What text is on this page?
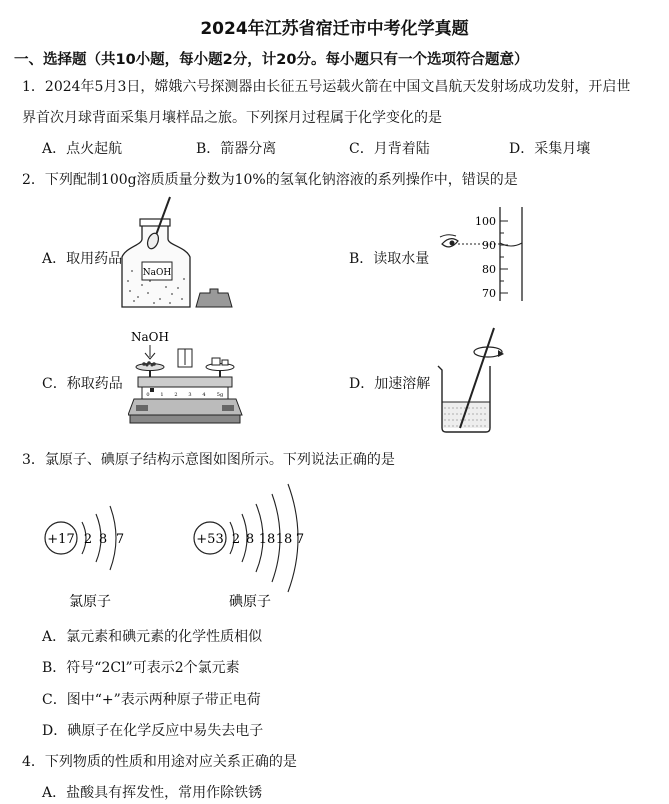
2024年江苏省宿迁市中考化学真题
一、选择题（共10小题，每小题2分，计20分。每小题只有一个选项符合题意）
1．2024年5月3日，嫦娥六号探测器由长征五号运载火箭在中国文昌航天发射场成功发射，开启世
界首次月球背面采集月壤样品之旅。下列探月过程属于化学变化的是
A．点火起航	B．箭器分离	C．月背着陆	D．采集月壤
2．下列配制100g溶质质量分数为10%的氢氧化钠溶液的系列操作中，错误的是
A．取用药品	B．读取水量
C．称取药品	D．加速溶解
NaOH
100
90
80
70
NaOH
0 1 2 3 4 5g
3．氯原子、碘原子结构示意图如图所示。下列说法正确的是
+17 2 8 7
氯原子
+53 2 8 18 18 7
碘原子
A．氯元素和碘元素的化学性质相似
B．符号“2Cl”可表示2个氯元素
C．图中“+”表示两种原子带正电荷
D．碘原子在化学反应中易失去电子
4．下列物质的性质和用途对应关系正确的是
A．盐酸具有挥发性，常用作除铁锈
